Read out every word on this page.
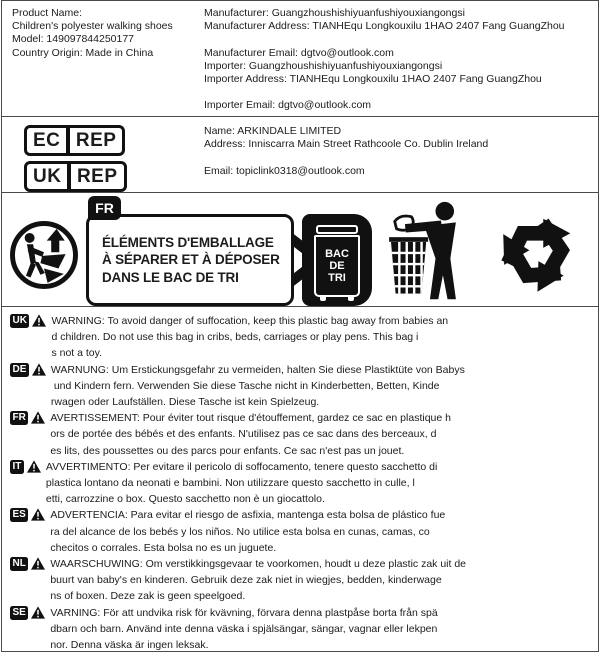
Product Name:
Children's polyester walking shoes
Model: 149097844250177
Country Origin: Made in China
Manufacturer: Guangzhoushishiyuanfushiyouxiangongsi
Manufacturer Address: TIANHEqu Longkouxilu 1HAO 2407 Fang GuangZhou
Manufacturer Email: dgtvo@outlook.com
Importer: Guangzhoushishiyuanfushiyouxiangongsi
Importer Address: TIANHEqu Longkouxilu 1HAO 2407 Fang GuangZhou
Importer Email: dgtvo@outlook.com
EC REP
UK REP
Name: ARKINDALE LIMITED
Address: Inniscarra Main Street Rathcoole Co. Dublin Ireland
Email: topiclink0318@outlook.com
FR
ÉLÉMENTS D'EMBALLAGE
À SÉPARER ET À DÉPOSER
DANS LE BAC DE TRI
BAC
DE
TRI
UK WARNING: To avoid danger of suffocation, keep this plastic bag away from babies an
d children. Do not use this bag in cribs, beds, carriages or play pens. This bag i
s not a toy.
DE WARNUNG: Um Erstickungsgefahr zu vermeiden, halten Sie diese Plastiktüte von Babys
und Kindern fern. Verwenden Sie diese Tasche nicht in Kinderbetten, Betten, Kinde
rwagen oder Laufställen. Diese Tasche ist kein Spielzeug.
FR AVERTISSEMENT: Pour éviter tout risque d'étouffement, gardez ce sac en plastique h
ors de portée des bébés et des enfants. N'utilisez pas ce sac dans des berceaux, d
es lits, des poussettes ou des parcs pour enfants. Ce sac n'est pas un jouet.
IT AVVERTIMENTO: Per evitare il pericolo di soffocamento, tenere questo sacchetto di
plastica lontano da neonati e bambini. Non utilizzare questo sacchetto in culle, l
etti, carrozzine o box. Questo sacchetto non è un giocattolo.
ES ADVERTENCIA: Para evitar el riesgo de asfixia, mantenga esta bolsa de plástico fue
ra del alcance de los bebés y los niños. No utilice esta bolsa en cunas, camas, co
checitos o corrales. Esta bolsa no es un juguete.
NL WAARSCHUWING: Om verstikkingsgevaar te voorkomen, houdt u deze plastic zak uit de
buurt van baby's en kinderen. Gebruik deze zak niet in wiegjes, bedden, kinderwage
ns of boxen. Deze zak is geen speelgoed.
SE VARNING: För att undvika risk för kvävning, förvara denna plastpåse borta från spä
dbarn och barn. Använd inte denna väska i spjälsängar, sängar, vagnar eller lekpen
nor. Denna väska är ingen leksak.
